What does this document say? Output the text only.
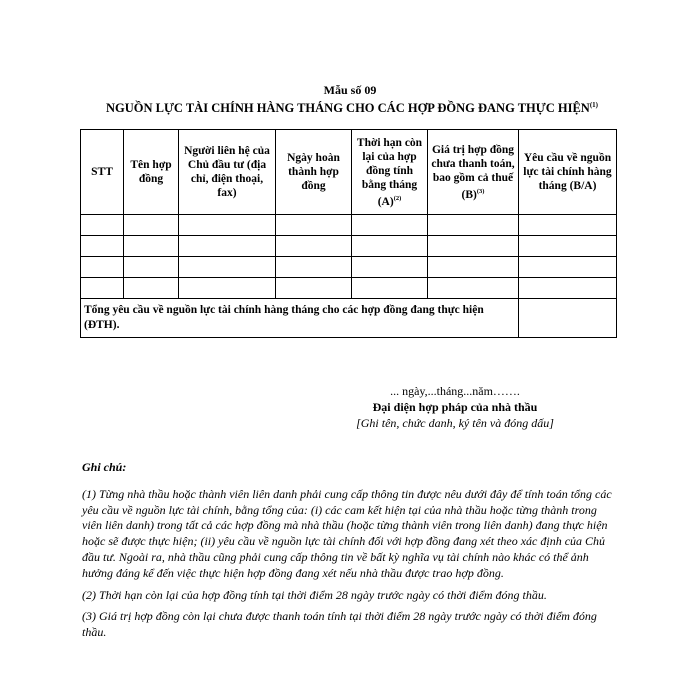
Mẫu số 09
NGUỒN LỰC TÀI CHÍNH HÀNG THÁNG CHO CÁC HỢP ĐỒNG ĐANG THỰC HIỆN$^{(1)}$
STT	Tên hợp đồng	Người liên hệ của Chủ đầu tư (địa chỉ, điện thoại, fax)	Ngày hoàn thành hợp đồng	Thời hạn còn lại của hợp đồng tính bằng tháng $(A)^{(2)}$	Giá trị hợp đồng chưa thanh toán, bao gồm cả thuế $(B)^{(3)}$	Yêu cầu về nguồn lực tài chính hàng tháng (B/A)

Tổng yêu cầu về nguồn lực tài chính hàng tháng cho các hợp đồng đang thực hiện (ĐTH).						
... ngày,...tháng...năm…….
Đại diện hợp pháp của nhà thầu
[Ghi tên, chức danh, ký tên và đóng dấu]

Ghi chú:

(1) Từng nhà thầu hoặc thành viên liên danh phải cung cấp thông tin được nêu dưới đây để tính toán tổng các yêu cầu về nguồn lực tài chính, bằng tổng của: (i) các cam kết hiện tại của nhà thầu hoặc từng thành trong viên liên danh) trong tất cả các hợp đồng mà nhà thầu (hoặc từng thành viên trong liên danh) đang thực hiện hoặc sẽ được thực hiện; (ii) yêu cầu về nguồn lực tài chính đối với hợp đồng đang xét theo xác định của Chủ đầu tư. Ngoài ra, nhà thầu cũng phải cung cấp thông tin về bất kỳ nghĩa vụ tài chính nào khác có thể ảnh hưởng đáng kể đến việc thực hiện hợp đồng đang xét nếu nhà thầu được trao hợp đồng.

(2) Thời hạn còn lại của hợp đồng tính tại thời điểm 28 ngày trước ngày có thời điểm đóng thầu.

(3) Giá trị hợp đồng còn lại chưa được thanh toán tính tại thời điểm 28 ngày trước ngày có thời điểm đóng thầu.
